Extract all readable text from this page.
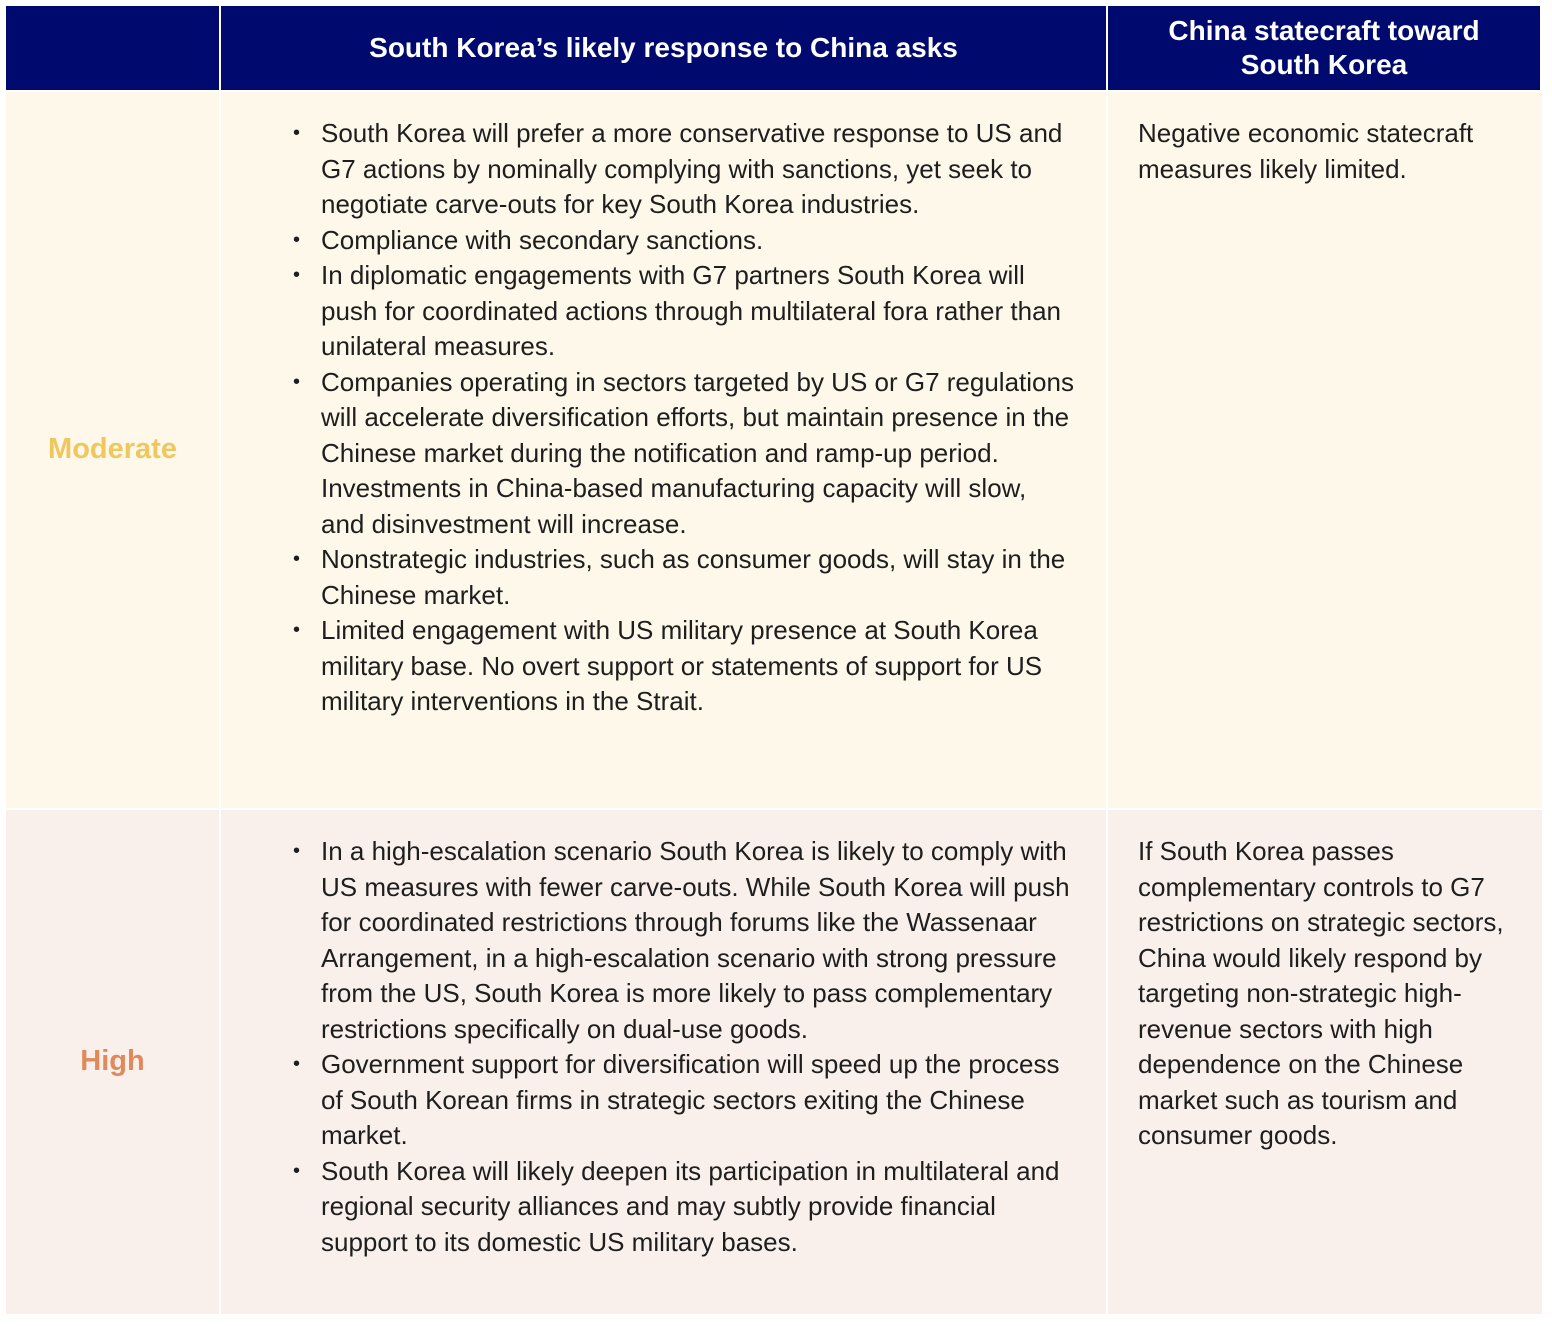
South Korea’s likely response to China asks
China statecraft toward South Korea
Moderate
• South Korea will prefer a more conservative response to US and G7 actions by nominally complying with sanctions, yet seek to negotiate carve-outs for key South Korea industries.
• Compliance with secondary sanctions.
• In diplomatic engagements with G7 partners South Korea will push for coordinated actions through multilateral fora rather than unilateral measures.
• Companies operating in sectors targeted by US or G7 regulations will accelerate diversification efforts, but maintain presence in the Chinese market during the notification and ramp-up period. Investments in China-based manufacturing capacity will slow, and disinvestment will increase.
• Nonstrategic industries, such as consumer goods, will stay in the Chinese market.
• Limited engagement with US military presence at South Korea military base. No overt support or statements of support for US military interventions in the Strait.
Negative economic statecraft measures likely limited.
High
• In a high-escalation scenario South Korea is likely to comply with US measures with fewer carve-outs. While South Korea will push for coordinated restrictions through forums like the Wassenaar Arrangement, in a high-escalation scenario with strong pressure from the US, South Korea is more likely to pass complementary restrictions specifically on dual-use goods.
• Government support for diversification will speed up the process of South Korean firms in strategic sectors exiting the Chinese market.
• South Korea will likely deepen its participation in multilateral and regional security alliances and may subtly provide financial support to its domestic US military bases.
If South Korea passes complementary controls to G7 restrictions on strategic sectors, China would likely respond by targeting non-strategic high-revenue sectors with high dependence on the Chinese market such as tourism and consumer goods.
